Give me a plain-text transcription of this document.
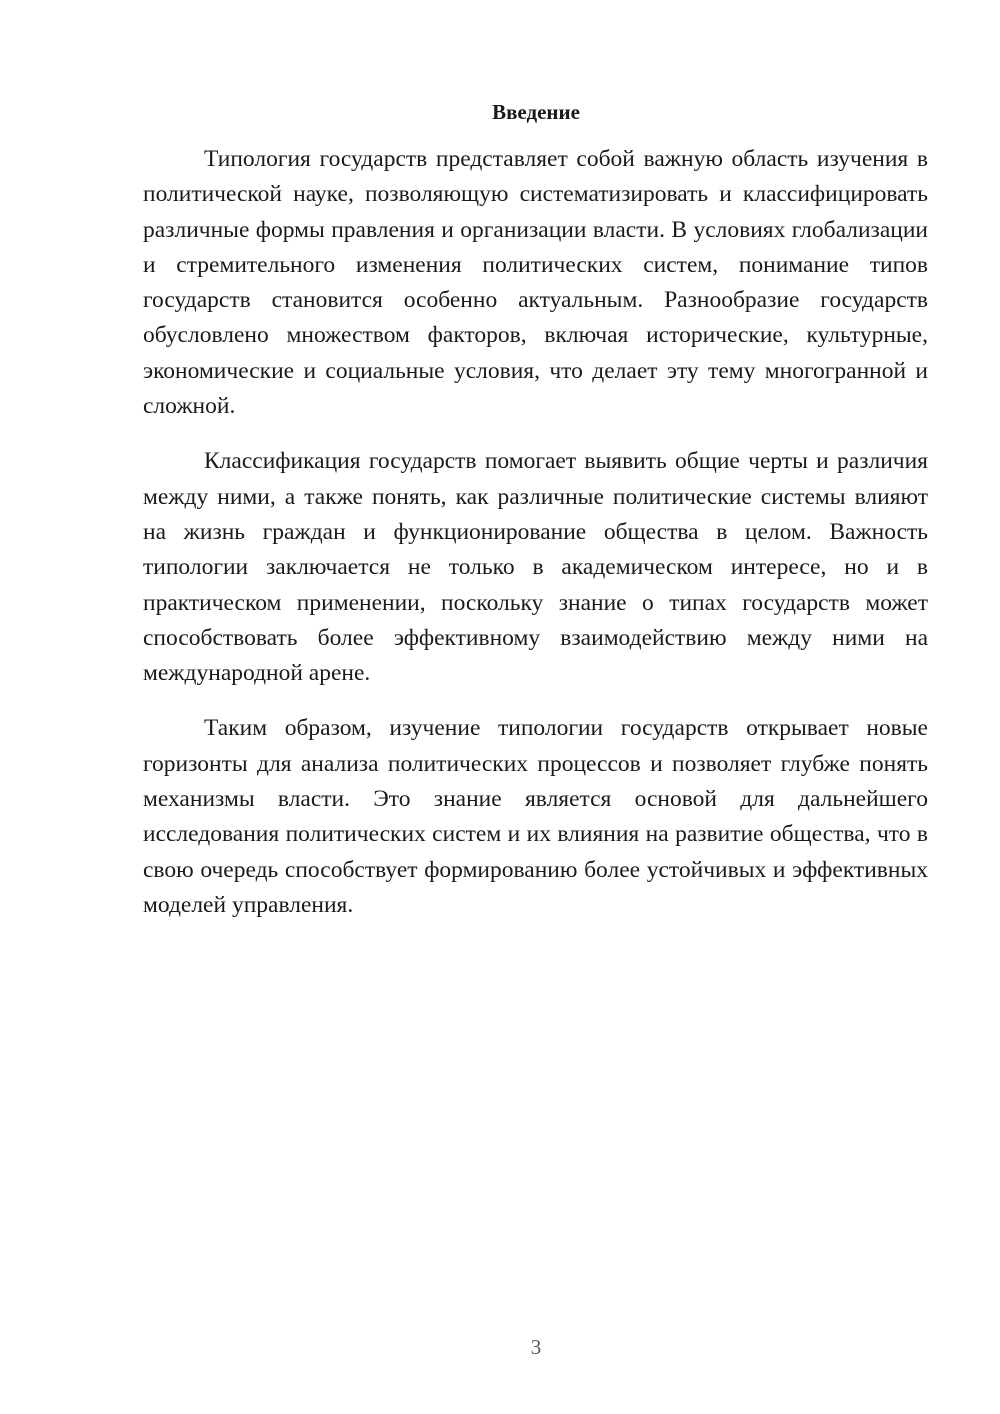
Введение

Типология государств представляет собой важную область изучения в политической науке, позволяющую систематизировать и классифицировать различные формы правления и организации власти. В условиях глобализации и стремительного изменения политических систем, понимание типов государств становится особенно актуальным. Разнообразие государств обусловлено множеством факторов, включая исторические, культурные, экономические и социальные условия, что делает эту тему многогранной и сложной.

Классификация государств помогает выявить общие черты и различия между ними, а также понять, как различные политические системы влияют на жизнь граждан и функционирование общества в целом. Важность типологии заключается не только в академическом интересе, но и в практическом применении, поскольку знание о типах государств может способствовать более эффективному взаимодействию между ними на международной арене.

Таким образом, изучение типологии государств открывает новые горизонты для анализа политических процессов и позволяет глубже понять механизмы власти. Это знание является основой для дальнейшего исследования политических систем и их влияния на развитие общества, что в свою очередь способствует формированию более устойчивых и эффективных моделей управления.

3
